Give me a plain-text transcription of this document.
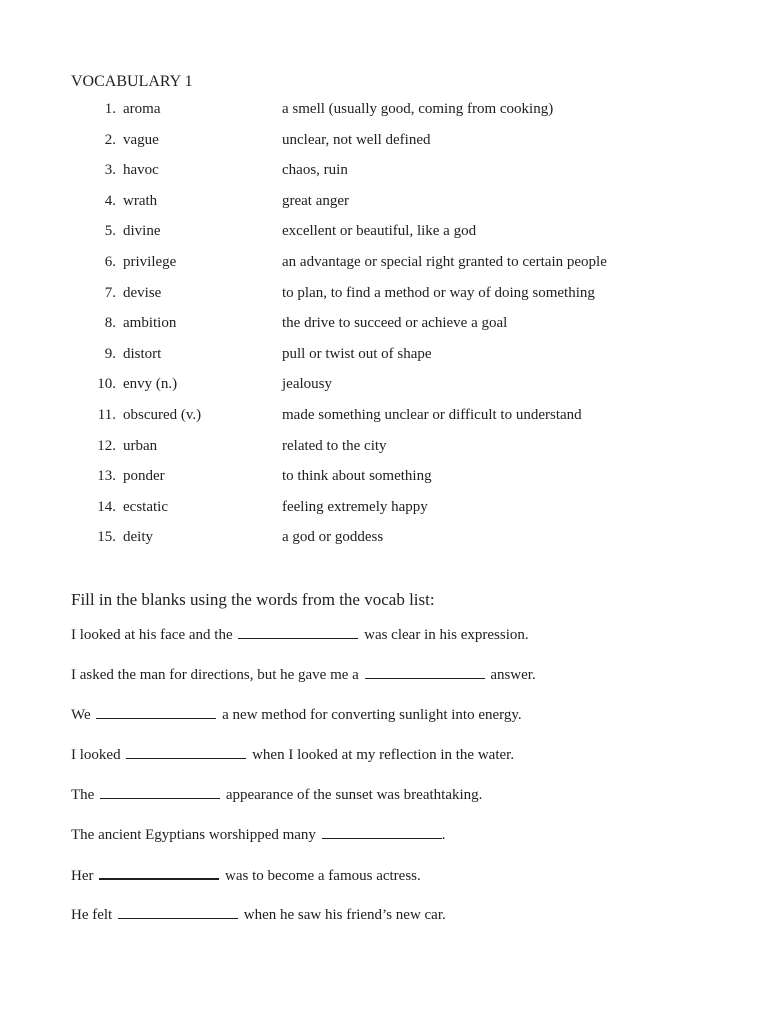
VOCABULARY 1
1. aroma	a smell (usually good, coming from cooking)
2. vague	unclear, not well defined
3. havoc	chaos, ruin
4. wrath	great anger
5. divine	excellent or beautiful, like a god
6. privilege	an advantage or special right granted to certain people
7. devise	to plan, to find a method or way of doing something
8. ambition	the drive to succeed or achieve a goal
9. distort	pull or twist out of shape
10. envy (n.)	jealousy
11. obscured (v.)	made something unclear or difficult to understand
12. urban	related to the city
13. ponder	to think about something
14. ecstatic	feeling extremely happy
15. deity	a god or goddess
Fill in the blanks using the words from the vocab list:
I looked at his face and the	was clear in his expression.
I asked the man for directions, but he gave me a	answer.
We	a new method for converting sunlight into energy.
I looked	when I looked at my reflection in the water.
The	appearance of the sunset was breathtaking.
The ancient Egyptians worshipped many	.
Her	was to become a famous actress.
He felt	when he saw his friend’s new car.
